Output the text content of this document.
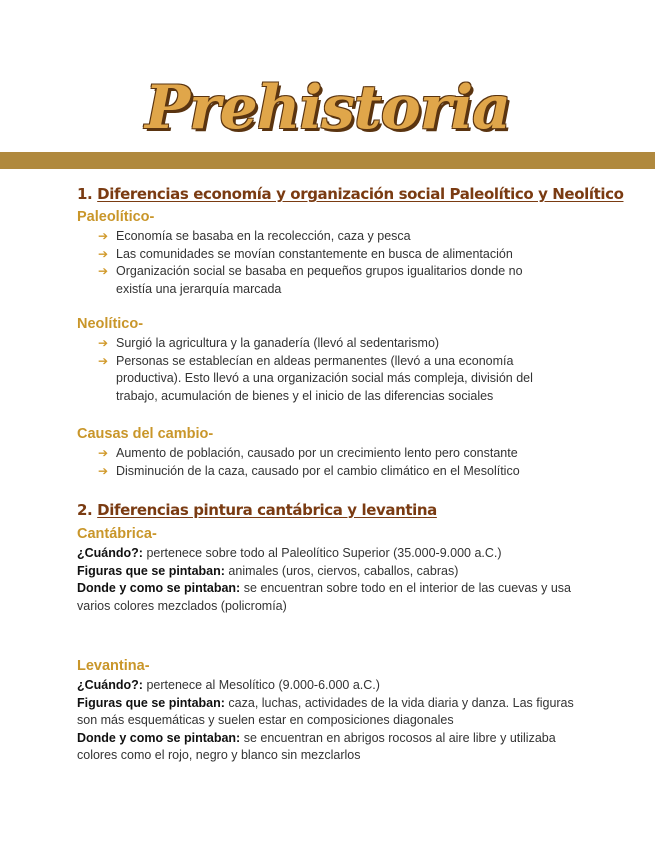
Prehistoria
1. Diferencias economía y organización social Paleolítico y Neolítico
Paleolítico-
➔ Economía se basaba en la recolección, caza y pesca
➔ Las comunidades se movían constantemente en busca de alimentación
➔ Organización social se basaba en pequeños grupos igualitarios donde no existía una jerarquía marcada
Neolítico-
➔ Surgió la agricultura y la ganadería (llevó al sedentarismo)
➔ Personas se establecían en aldeas permanentes (llevó a una economía productiva). Esto llevó a una organización social más compleja, división del trabajo, acumulación de bienes y el inicio de las diferencias sociales
Causas del cambio-
➔ Aumento de población, causado por un crecimiento lento pero constante
➔ Disminución de la caza, causado por el cambio climático en el Mesolítico
2. Diferencias pintura cantábrica y levantina
Cantábrica-
¿Cuándo?: pertenece sobre todo al Paleolítico Superior (35.000-9.000 a.C.)
Figuras que se pintaban: animales (uros, ciervos, caballos, cabras)
Donde y como se pintaban: se encuentran sobre todo en el interior de las cuevas y usa varios colores mezclados (policromía)
Levantina-
¿Cuándo?: pertenece al Mesolítico (9.000-6.000 a.C.)
Figuras que se pintaban: caza, luchas, actividades de la vida diaria y danza. Las figuras son más esquemáticas y suelen estar en composiciones diagonales
Donde y como se pintaban: se encuentran en abrigos rocosos al aire libre y utilizaba colores como el rojo, negro y blanco sin mezclarlos
